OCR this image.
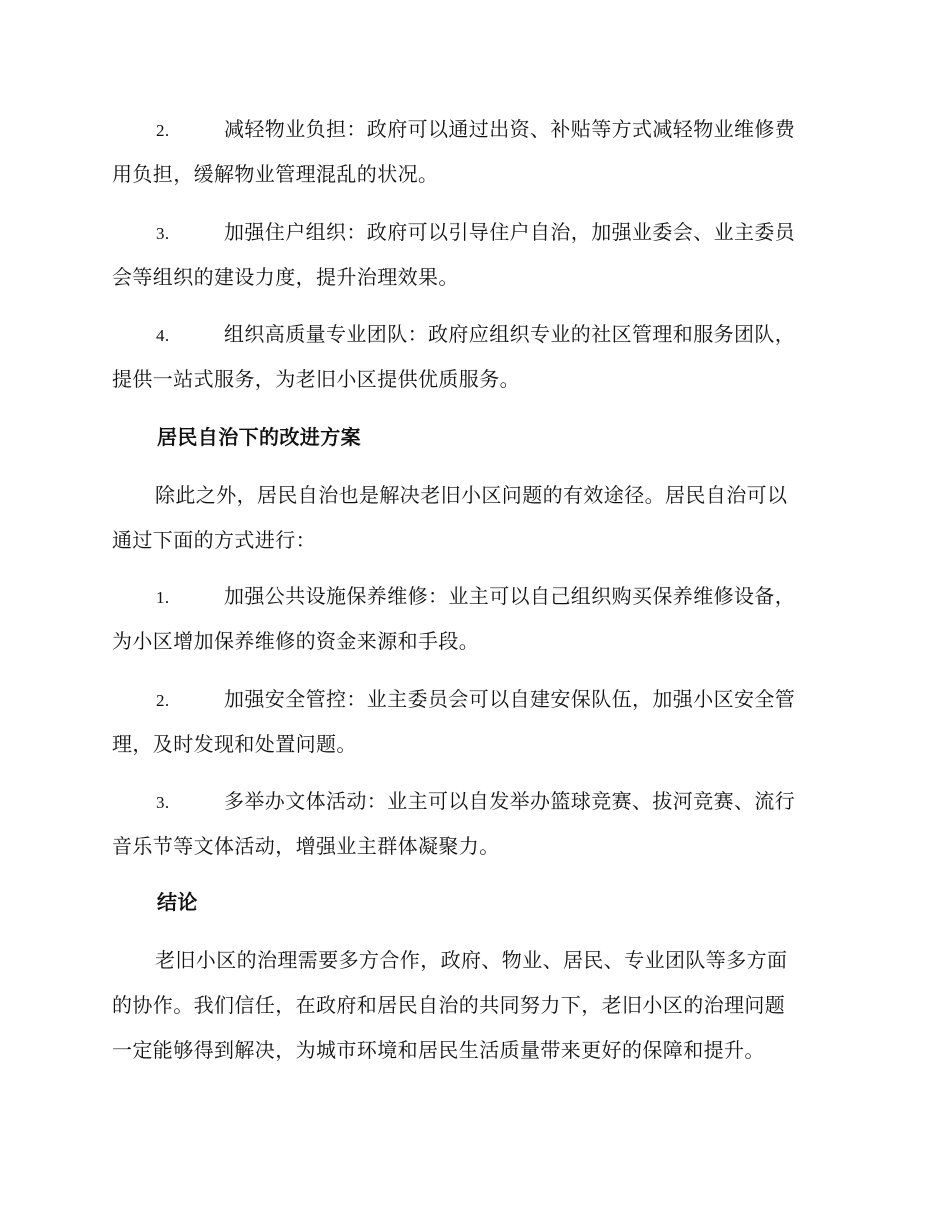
2.	减轻物业负担：政府可以通过出资、补贴等方式减轻物业维修费
用负担，缓解物业管理混乱的状况。
3.	加强住户组织：政府可以引导住户自治，加强业委会、业主委员
会等组织的建设力度，提升治理效果。
4.	组织高质量专业团队：政府应组织专业的社区管理和服务团队，
提供一站式服务，为老旧小区提供优质服务。
居民自治下的改进方案
除此之外，居民自治也是解决老旧小区问题的有效途径。居民自治可以
通过下面的方式进行：
1.	加强公共设施保养维修：业主可以自己组织购买保养维修设备，
为小区增加保养维修的资金来源和手段。
2.	加强安全管控：业主委员会可以自建安保队伍，加强小区安全管
理，及时发现和处置问题。
3.	多举办文体活动：业主可以自发举办篮球竞赛、拔河竞赛、流行
音乐节等文体活动，增强业主群体凝聚力。
结论
老旧小区的治理需要多方合作，政府、物业、居民、专业团队等多方面
的协作。我们信任，在政府和居民自治的共同努力下，老旧小区的治理问题
一定能够得到解决，为城市环境和居民生活质量带来更好的保障和提升。
